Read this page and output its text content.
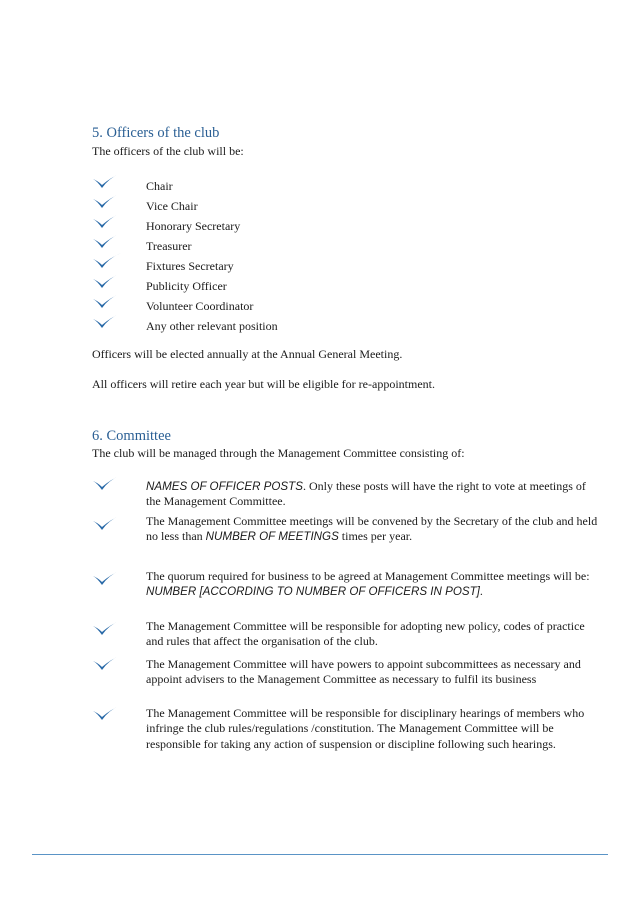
5. Officers of the club

The officers of the club will be:

Chair
Vice Chair
Honorary Secretary
Treasurer
Fixtures Secretary
Publicity Officer
Volunteer Coordinator
Any other relevant position

Officers will be elected annually at the Annual General Meeting.

All officers will retire each year but will be eligible for re-appointment.

6. Committee

The club will be managed through the Management Committee consisting of:

NAMES OF OFFICER POSTS. Only these posts will have the right to vote at meetings of the Management Committee.
The Management Committee meetings will be convened by the Secretary of the club and held no less than NUMBER OF MEETINGS times per year.
The quorum required for business to be agreed at Management Committee meetings will be: NUMBER [ACCORDING TO NUMBER OF OFFICERS IN POST].
The Management Committee will be responsible for adopting new policy, codes of practice and rules that affect the organisation of the club.
The Management Committee will have powers to appoint subcommittees as necessary and appoint advisers to the Management Committee as necessary to fulfil its business
The Management Committee will be responsible for disciplinary hearings of members who infringe the club rules/regulations /constitution. The Management Committee will be responsible for taking any action of suspension or discipline following such hearings.
